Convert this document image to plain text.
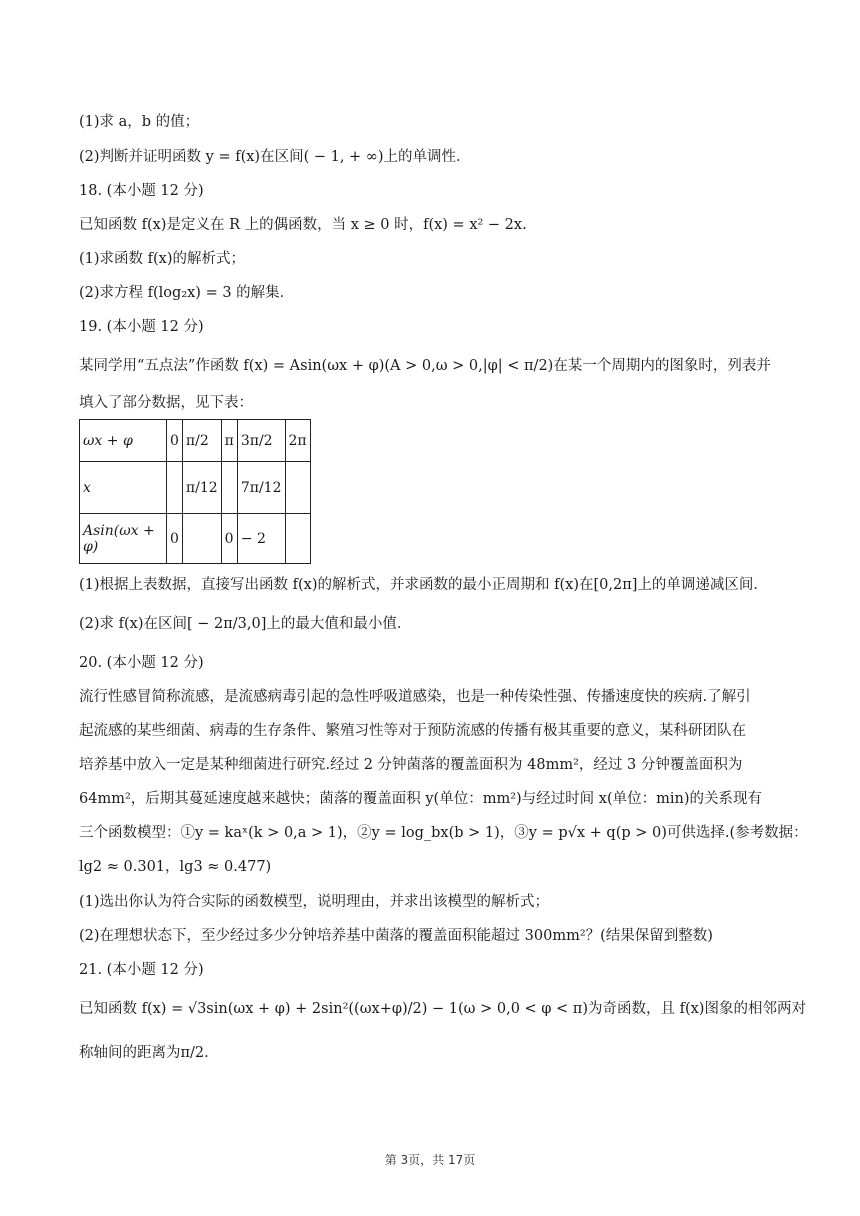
(1)求 a，b 的值；
(2)判断并证明函数 y = f(x)在区间( − 1, + ∞)上的单调性．
18. (本小题 12 分)
已知函数 f(x)是定义在 R 上的偶函数，当 x ≥ 0 时，f(x) = x² − 2x.
(1)求函数 f(x)的解析式；
(2)求方程 f(log₂x) = 3 的解集．
19. (本小题 12 分)
某同学用“五点法”作函数 f(x) = Asin(ωx + φ)(A > 0,ω > 0,|φ| < π/2)在某一个周期内的图象时，列表并
填入了部分数据，见下表：
ωx + φ	0	π/2	π	3π/2	2π
x		π/12		7π/12	
Asin(ωx + φ)	0		0	− 2	
(1)根据上表数据，直接写出函数 f(x)的解析式，并求函数的最小正周期和 f(x)在[0,2π]上的单调递减区间．
(2)求 f(x)在区间[ − 2π/3,0]上的最大值和最小值．
20. (本小题 12 分)
流行性感冒简称流感，是流感病毒引起的急性呼吸道感染，也是一种传染性强、传播速度快的疾病.了解引
起流感的某些细菌、病毒的生存条件、繁殖习性等对于预防流感的传播有极其重要的意义，某科研团队在
培养基中放入一定是某种细菌进行研究.经过 2 分钟菌落的覆盖面积为 48mm²，经过 3 分钟覆盖面积为
64mm²，后期其蔓延速度越来越快；菌落的覆盖面积 y(单位：mm²)与经过时间 x(单位：min)的关系现有
三个函数模型：①y = kaˣ(k > 0,a > 1)，②y = log_bx(b > 1)，③y = p√x + q(p > 0)可供选择.(参考数据：
lg2 ≈ 0.301，lg3 ≈ 0.477)
(1)选出你认为符合实际的函数模型，说明理由，并求出该模型的解析式；
(2)在理想状态下，至少经过多少分钟培养基中菌落的覆盖面积能超过 300mm²？(结果保留到整数)
21. (本小题 12 分)
已知函数 f(x) = √3sin(ωx + φ) + 2sin²((ωx+φ)/2) − 1(ω > 0,0 < φ < π)为奇函数，且 f(x)图象的相邻两对
称轴间的距离为π/2.
第 3页，共 17页
